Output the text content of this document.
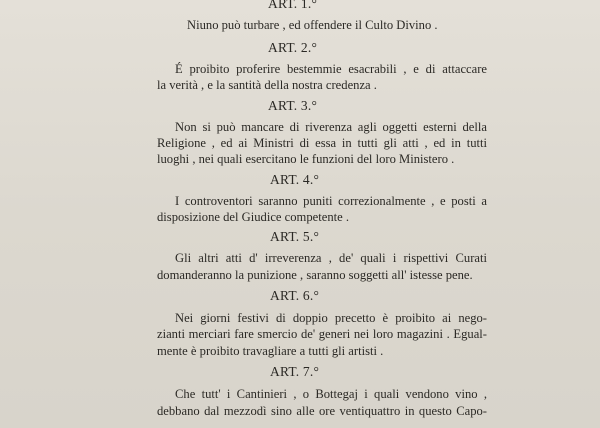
ART. 1.°
Niuno può turbare , ed offendere il Culto Divino .
ART. 2.°
É proibito proferire bestemmie esacrabili , e di attaccare
la verità , e la santità della nostra credenza .
ART. 3.°
Non si può mancare di riverenza agli oggetti esterni della
Religione , ed ai Ministri di essa in tutti gli atti , ed in tutti
luoghi , nei quali esercitano le funzioni del loro Ministero .
ART. 4.°
I controventori saranno puniti correzionalmente , e posti a
disposizione del Giudice competente .
ART. 5.°
Gli altri atti d' irreverenza , de' quali i rispettivi Curati
domanderanno la punizione , saranno soggetti all' istesse pene.
ART. 6.°
Nei giorni festivi di doppio precetto è proibito ai nego-
zianti merciari fare smercio de' generi nei loro magazini . Egual-
mente è proibito travagliare a tutti gli artisti .
ART. 7.°
Che tutt' i Cantinieri , o Bottegaj i quali vendono vino ,
debbano dal mezzodì sino alle ore ventiquattro in questo Capo-
